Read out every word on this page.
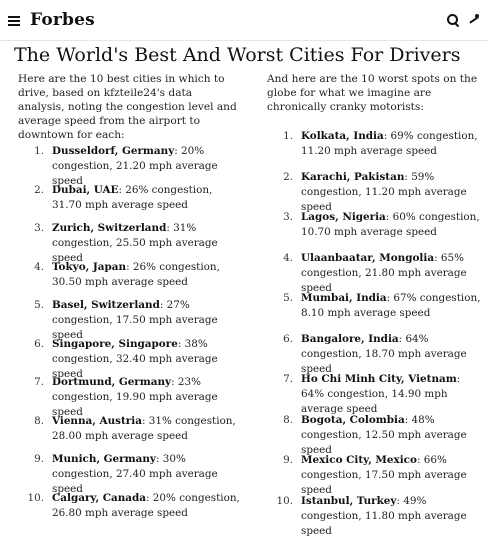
Forbes
The World's Best And Worst Cities For Drivers

Here are the 10 best cities in which to drive, based on kfzteile24's data analysis, noting the congestion level and average speed from the airport to downtown for each:

1. Dusseldorf, Germany: 20% congestion, 21.20 mph average speed
2. Dubai, UAE: 26% congestion, 31.70 mph average speed
3. Zurich, Switzerland: 31% congestion, 25.50 mph average speed
4. Tokyo, Japan: 26% congestion, 30.50 mph average speed
5. Basel, Switzerland: 27% congestion, 17.50 mph average speed
6. Singapore, Singapore: 38% congestion, 32.40 mph average speed
7. Dortmund, Germany: 23% congestion, 19.90 mph average speed
8. Vienna, Austria: 31% congestion, 28.00 mph average speed
9. Munich, Germany: 30% congestion, 27.40 mph average speed
10. Calgary, Canada: 20% congestion, 26.80 mph average speed

And here are the 10 worst spots on the globe for what we imagine are chronically cranky motorists:

1. Kolkata, India: 69% congestion, 11.20 mph average speed
2. Karachi, Pakistan: 59% congestion, 11.20 mph average speed
3. Lagos, Nigeria: 60% congestion, 10.70 mph average speed
4. Ulaanbaatar, Mongolia: 65% congestion, 21.80 mph average speed
5. Mumbai, India: 67% congestion, 8.10 mph average speed
6. Bangalore, India: 64% congestion, 18.70 mph average speed
7. Ho Chi Minh City, Vietnam: 64% congestion, 14.90 mph average speed
8. Bogota, Colombia: 48% congestion, 12.50 mph average speed
9. Mexico City, Mexico: 66% congestion, 17.50 mph average speed
10. Istanbul, Turkey: 49% congestion, 11.80 mph average speed
